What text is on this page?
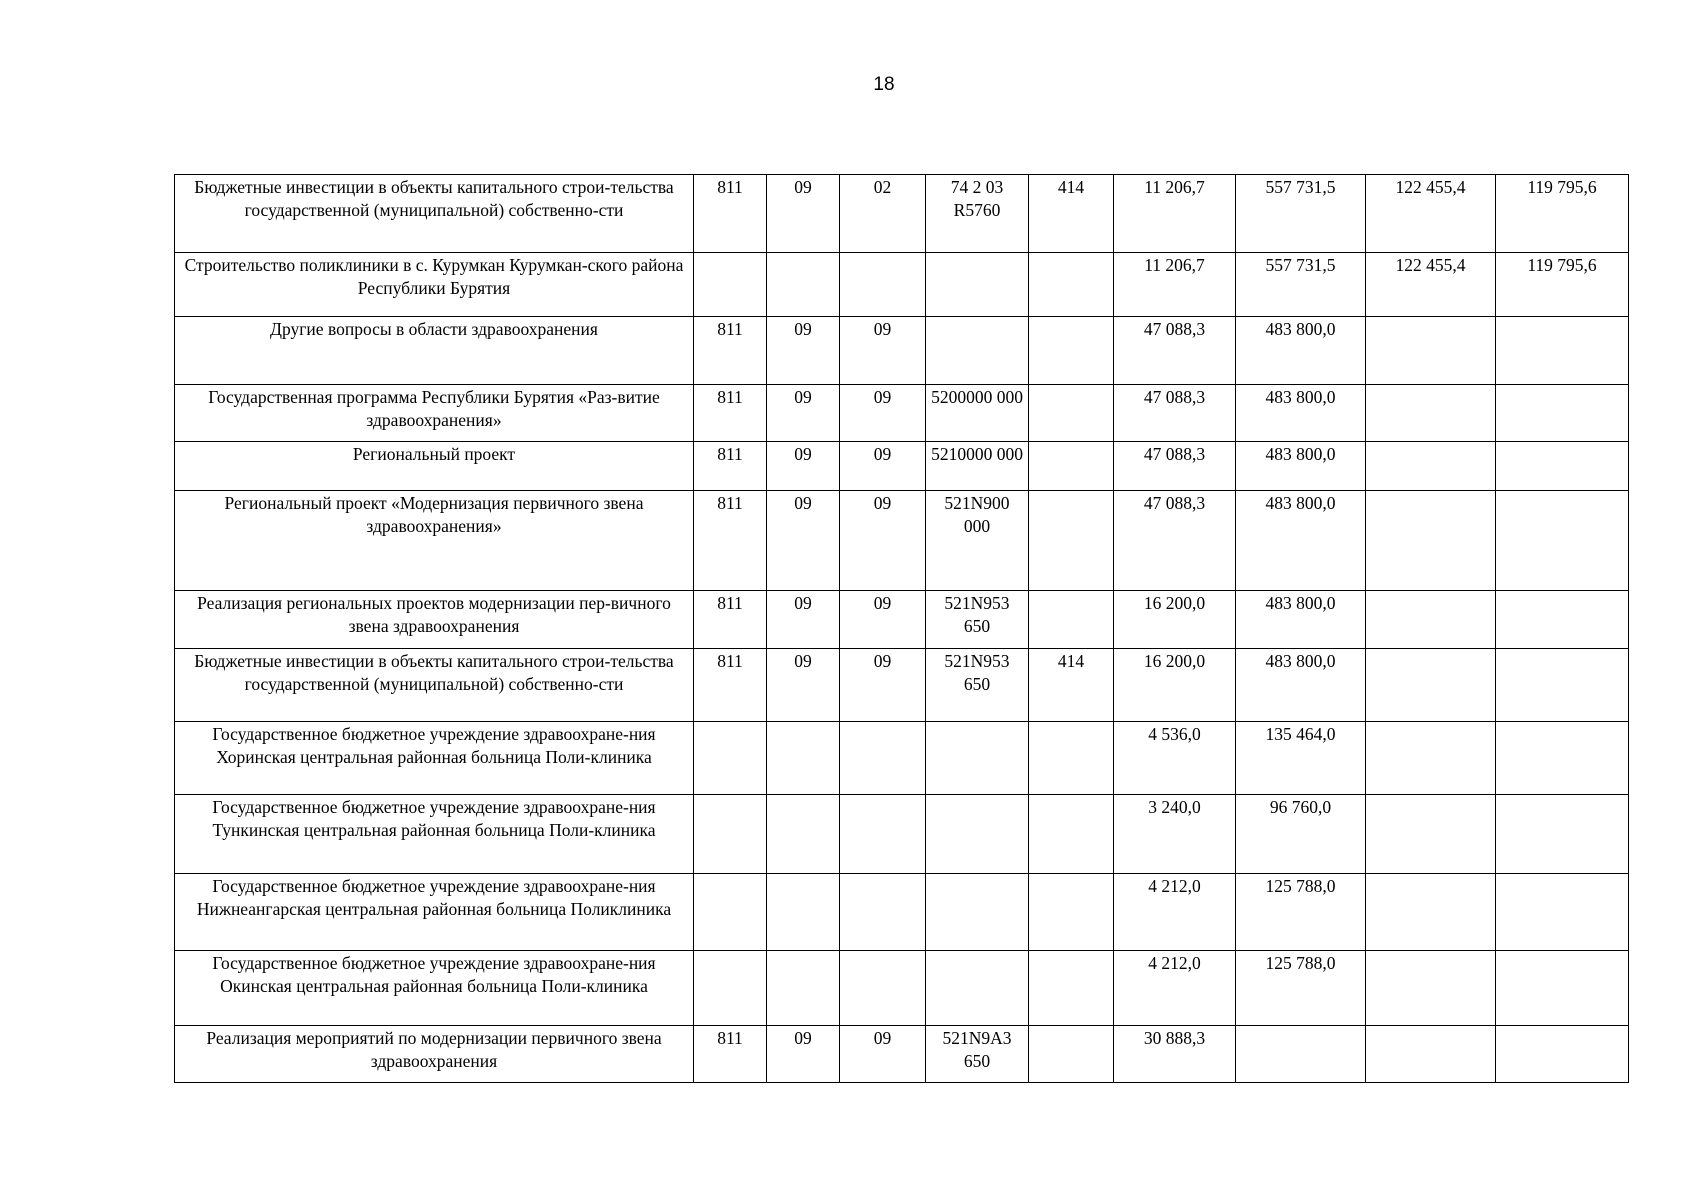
18
Бюджетные инвестиции в объекты капитального строи-тельства государственной (муниципальной) собственно-сти	811	09	02	74 2 03 R5760	414	11 206,7	557 731,5	122 455,4	119 795,6
Строительство поликлиники в с. Курумкан Курумкан-ского района Республики Бурятия						11 206,7	557 731,5	122 455,4	119 795,6
Другие вопросы в области здравоохранения	811	09	09			47 088,3	483 800,0		
Государственная программа Республики Бурятия «Раз-витие здравоохранения»	811	09	09	5200000 000		47 088,3	483 800,0		
Региональный проект	811	09	09	5210000 000		47 088,3	483 800,0		
Региональный проект «Модернизация первичного звена здравоохранения»	811	09	09	521N900 000		47 088,3	483 800,0		
Реализация региональных проектов модернизации пер-вичного звена здравоохранения	811	09	09	521N953 650		16 200,0	483 800,0		
Бюджетные инвестиции в объекты капитального строи-тельства государственной (муниципальной) собственно-сти	811	09	09	521N953 650	414	16 200,0	483 800,0		
Государственное бюджетное учреждение здравоохране-ния Хоринская центральная районная больница Поли-клиника						4 536,0	135 464,0		
Государственное бюджетное учреждение здравоохране-ния Тункинская центральная районная больница Поли-клиника						3 240,0	96 760,0		
Государственное бюджетное учреждение здравоохране-ния Нижнеангарская центральная районная больница Поликлиника						4 212,0	125 788,0		
Государственное бюджетное учреждение здравоохране-ния Окинская центральная районная больница Поли-клиника						4 212,0	125 788,0		
Реализация мероприятий по модернизации первичного звена здравоохранения	811	09	09	521N9A3 650		30 888,3			
